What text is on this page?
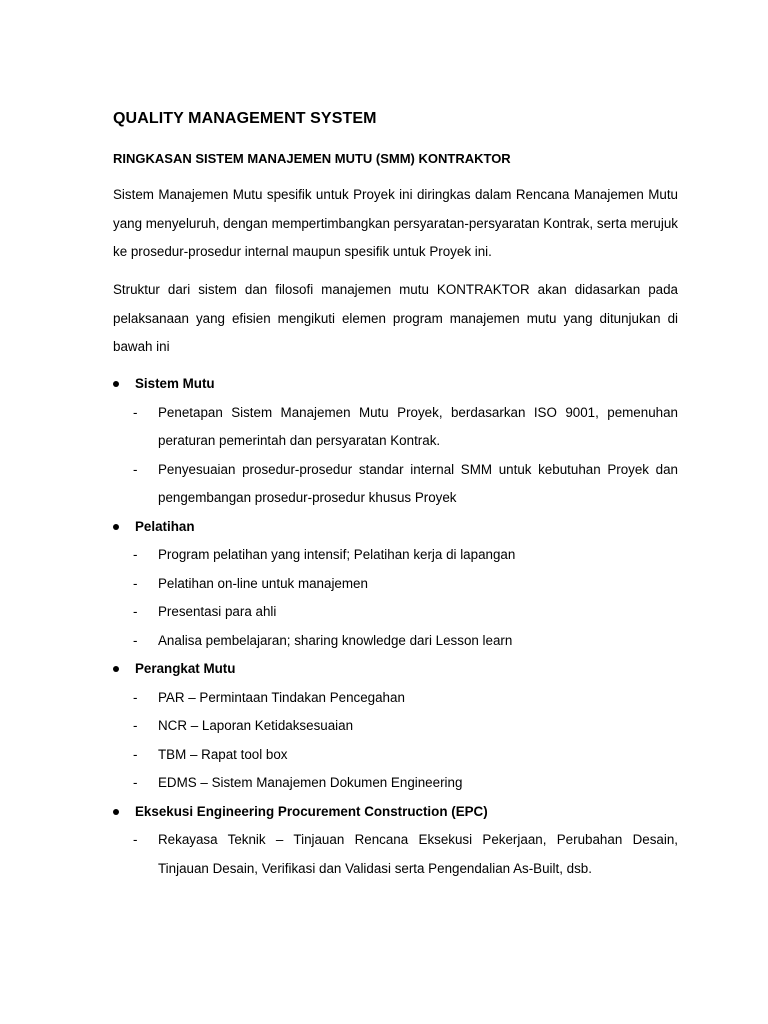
QUALITY MANAGEMENT SYSTEM
RINGKASAN SISTEM MANAJEMEN MUTU (SMM) KONTRAKTOR
Sistem Manajemen Mutu spesifik untuk Proyek ini diringkas dalam Rencana Manajemen Mutu yang menyeluruh, dengan mempertimbangkan persyaratan-persyaratan Kontrak, serta merujuk ke prosedur-prosedur internal maupun spesifik untuk Proyek ini.
Struktur dari sistem dan filosofi manajemen mutu KONTRAKTOR akan didasarkan pada pelaksanaan yang efisien mengikuti elemen program manajemen mutu yang ditunjukan di bawah ini
Sistem Mutu
- Penetapan Sistem Manajemen Mutu Proyek, berdasarkan ISO 9001, pemenuhan peraturan pemerintah dan persyaratan Kontrak.
- Penyesuaian prosedur-prosedur standar internal SMM untuk kebutuhan Proyek dan pengembangan prosedur-prosedur khusus Proyek
Pelatihan
- Program pelatihan yang intensif; Pelatihan kerja di lapangan
- Pelatihan on-line untuk manajemen
- Presentasi para ahli
- Analisa pembelajaran; sharing knowledge dari Lesson learn
Perangkat Mutu
- PAR – Permintaan Tindakan Pencegahan
- NCR – Laporan Ketidaksesuaian
- TBM – Rapat tool box
- EDMS – Sistem Manajemen Dokumen Engineering
Eksekusi Engineering Procurement Construction (EPC)
- Rekayasa Teknik – Tinjauan Rencana Eksekusi Pekerjaan, Perubahan Desain, Tinjauan Desain, Verifikasi dan Validasi serta Pengendalian As-Built, dsb.
